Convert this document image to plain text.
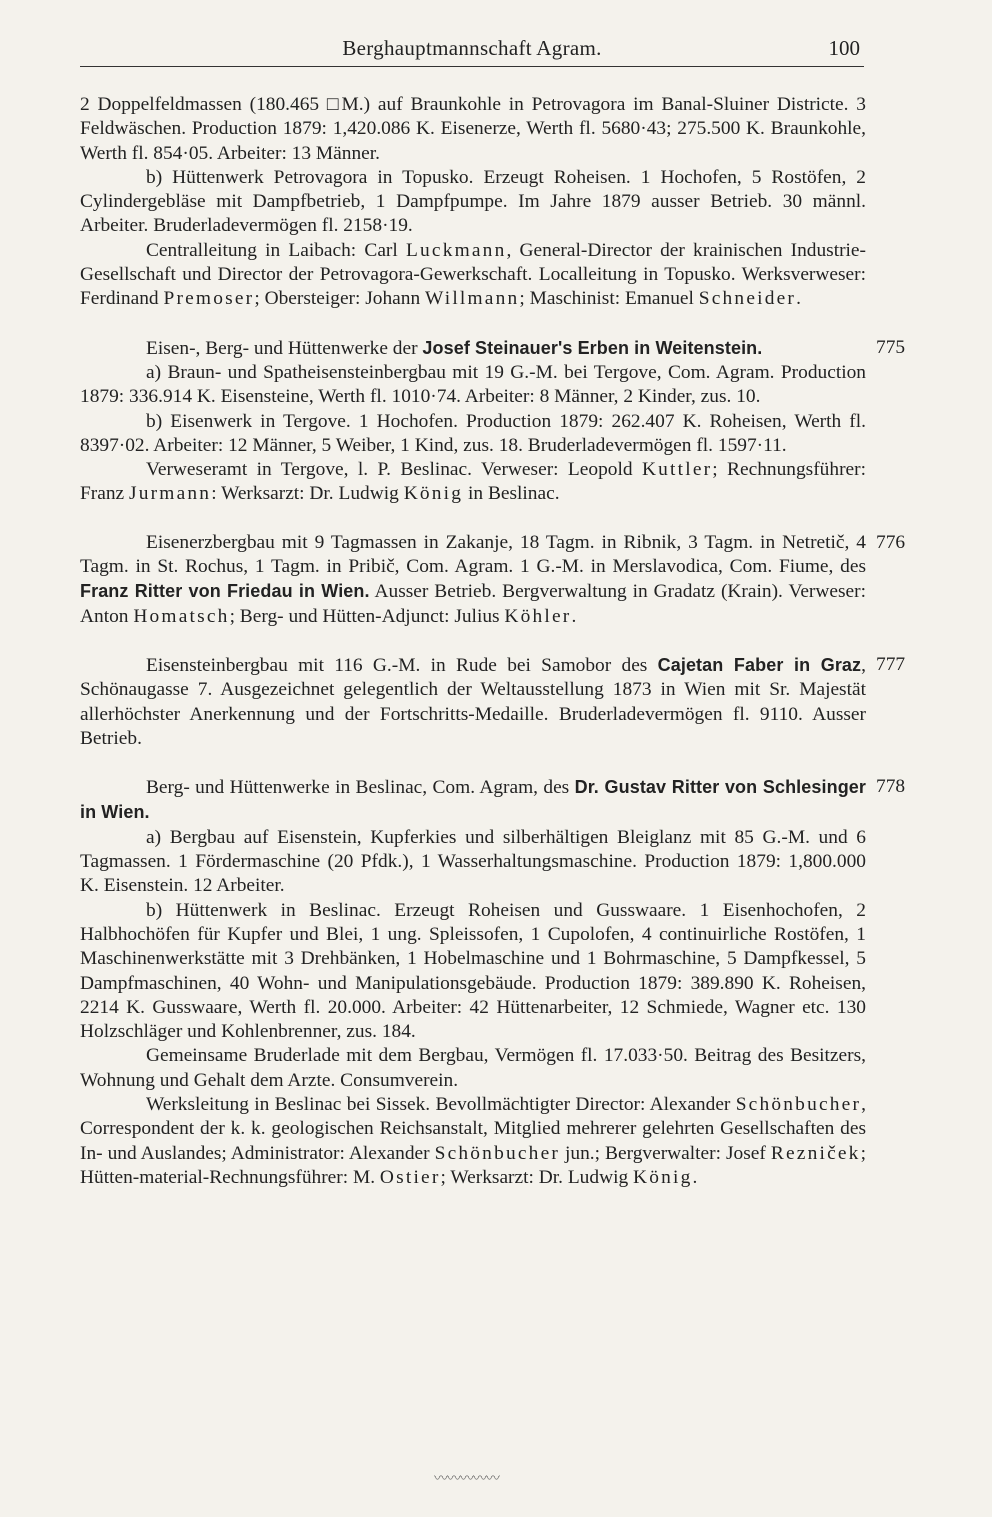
Berghauptmannschaft Agram.	100

2 Doppelfeldmassen (180.465 □M.) auf Braunkohle in Petrovagora im Banal-Sluiner Districte. 3 Feldwäschen. Production 1879: 1,420.086 K. Eisenerze, Werth fl. 5680·43; 275.500 K. Braunkohle, Werth fl. 854·05. Arbeiter: 13 Männer.

b) Hüttenwerk Petrovagora in Topusko. Erzeugt Roheisen. 1 Hochofen, 5 Rostöfen, 2 Cylindergebläse mit Dampfbetrieb, 1 Dampfpumpe. Im Jahre 1879 ausser Betrieb. 30 männl. Arbeiter. Bruderladevermögen fl. 2158·19.

Centralleitung in Laibach: Carl Luckmann, General-Director der krainischen Industrie-Gesellschaft und Director der Petrovagora-Gewerkschaft. Localleitung in Topusko. Werksverweser: Ferdinand Premoser; Obersteiger: Johann Willmann; Maschinist: Emanuel Schneider.

775

Eisen-, Berg- und Hüttenwerke der Josef Steinauer's Erben in Weitenstein.

a) Braun- und Spatheisensteinbergbau mit 19 G.-M. bei Tergove, Com. Agram. Production 1879: 336.914 K. Eisensteine, Werth fl. 1010·74. Arbeiter: 8 Männer, 2 Kinder, zus. 10.

b) Eisenwerk in Tergove. 1 Hochofen. Production 1879: 262.407 K. Roheisen, Werth fl. 8397·02. Arbeiter: 12 Männer, 5 Weiber, 1 Kind, zus. 18. Bruderladevermögen fl. 1597·11.

Verweseramt in Tergove, l. P. Beslinac. Verweser: Leopold Kuttler; Rechnungsführer: Franz Jurmann: Werksarzt: Dr. Ludwig König in Beslinac.

776

Eisenerzbergbau mit 9 Tagmassen in Zakanje, 18 Tagm. in Ribnik, 3 Tagm. in Netretič, 4 Tagm. in St. Rochus, 1 Tagm. in Pribič, Com. Agram. 1 G.-M. in Merslavodica, Com. Fiume, des Franz Ritter von Friedau in Wien. Ausser Betrieb. Bergverwaltung in Gradatz (Krain). Verweser: Anton Homatsch; Berg- und Hütten-Adjunct: Julius Köhler.

777

Eisensteinbergbau mit 116 G.-M. in Rude bei Samobor des Cajetan Faber in Graz, Schönaugasse 7. Ausgezeichnet gelegentlich der Weltausstellung 1873 in Wien mit Sr. Majestät allerhöchster Anerkennung und der Fortschritts-Medaille. Bruderladevermögen fl. 9110. Ausser Betrieb.

778

Berg- und Hüttenwerke in Beslinac, Com. Agram, des Dr. Gustav Ritter von Schlesinger in Wien.

a) Bergbau auf Eisenstein, Kupferkies und silberhältigen Bleiglanz mit 85 G.-M. und 6 Tagmassen. 1 Fördermaschine (20 Pfdk.), 1 Wasserhaltungsmaschine. Production 1879: 1,800.000 K. Eisenstein. 12 Arbeiter.

b) Hüttenwerk in Beslinac. Erzeugt Roheisen und Gusswaare. 1 Eisenhochofen, 2 Halbhochöfen für Kupfer und Blei, 1 ung. Spleissofen, 1 Cupolofen, 4 continuirliche Rostöfen, 1 Maschinenwerkstätte mit 3 Drehbänken, 1 Hobelmaschine und 1 Bohrmaschine, 5 Dampfkessel, 5 Dampfmaschinen, 40 Wohn- und Manipulationsgebäude. Production 1879: 389.890 K. Roheisen, 2214 K. Gusswaare, Werth fl. 20.000. Arbeiter: 42 Hüttenarbeiter, 12 Schmiede, Wagner etc. 130 Holzschläger und Kohlenbrenner, zus. 184.

Gemeinsame Bruderlade mit dem Bergbau, Vermögen fl. 17.033·50. Beitrag des Besitzers, Wohnung und Gehalt dem Arzte. Consumverein.

Werksleitung in Beslinac bei Sissek. Bevollmächtigter Director: Alexander Schönbucher, Correspondent der k. k. geologischen Reichsanstalt, Mitglied mehrerer gelehrten Gesellschaften des In- und Auslandes; Administrator: Alexander Schönbucher jun.; Bergverwalter: Josef Rezniček; Hütten-material-Rechnungsführer: M. Ostier; Werksarzt: Dr. Ludwig König.

〰〰〰〰〰
